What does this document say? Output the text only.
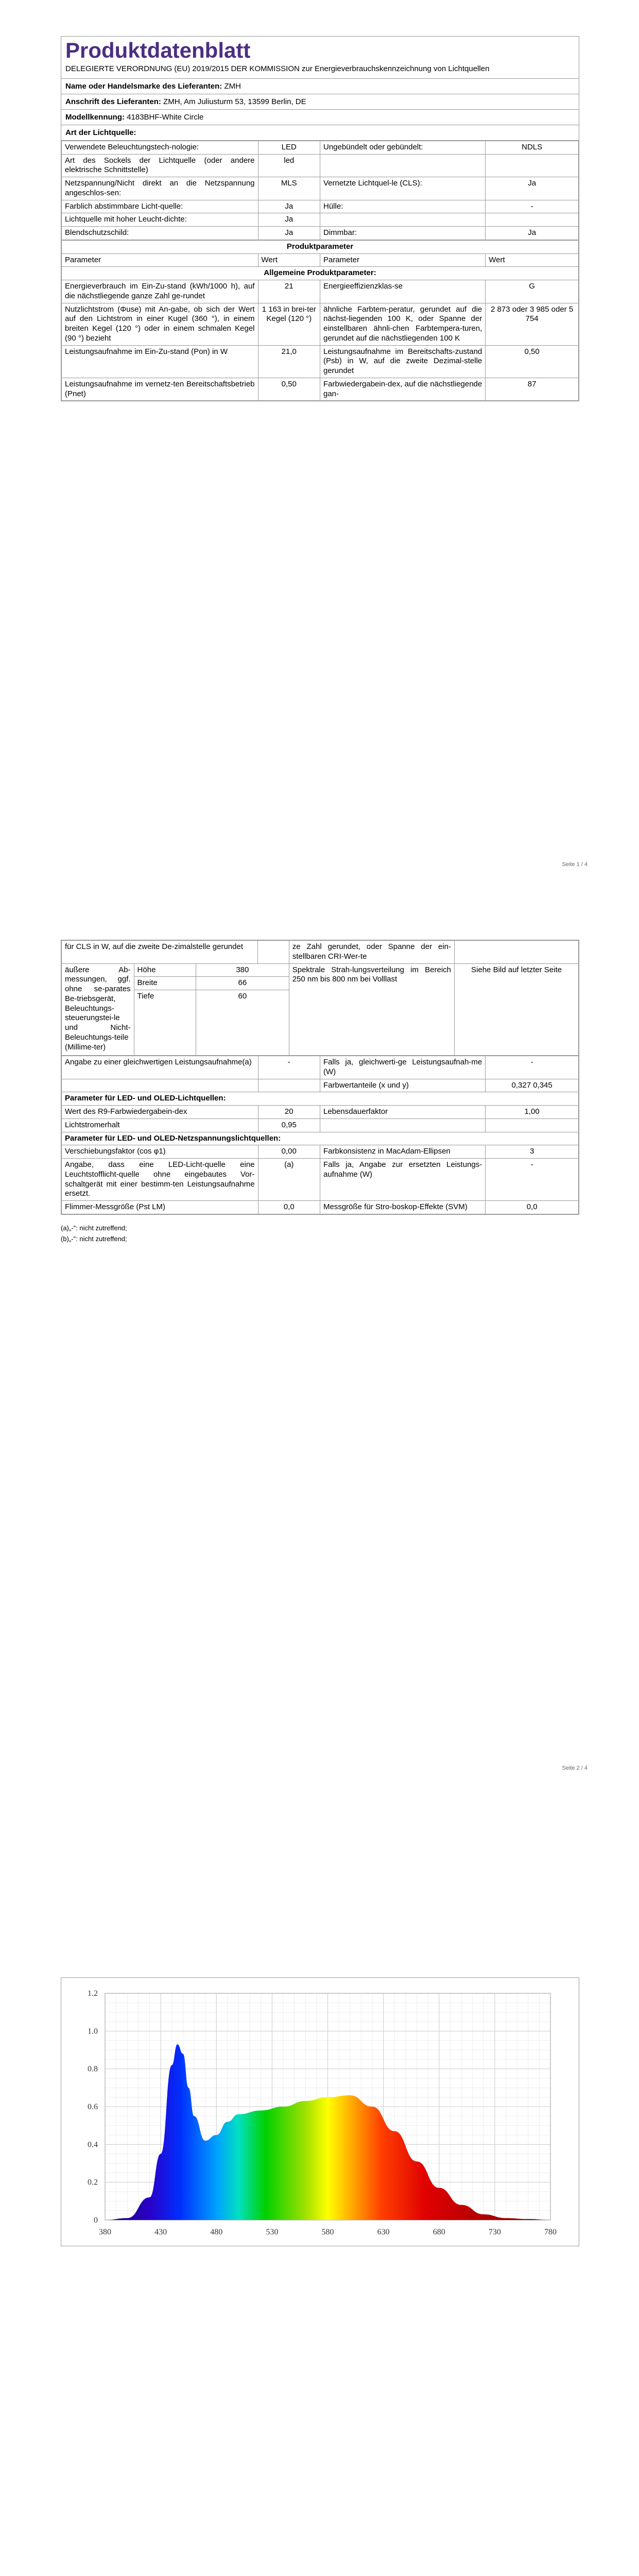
Produktdatenblatt
DELEGIERTE VERORDNUNG (EU) 2019/2015 DER KOMMISSION zur Energieverbrauchskennzeichnung von Lichtquellen
Name oder Handelsmarke des Lieferanten: ZMH
Anschrift des Lieferanten: ZMH, Am Juliusturm 53, 13599 Berlin, DE
Modellkennung: 4183BHF-White Circle
Art der Lichtquelle:
Verwendete Beleuchtungstech-nologie:	LED	Ungebündelt oder gebündelt:	NDLS
Art des Sockels der Lichtquelle (oder andere elektrische Schnittstelle)	led		
Netzspannung/Nicht direkt an die Netzspannung angeschlos-sen:	MLS	Vernetzte Lichtquel-le (CLS):	Ja
Farblich abstimmbare Licht-quelle:	Ja	Hülle:	-
Lichtquelle mit hoher Leucht-dichte:	Ja		
Blendschutzschild:	Ja	Dimmbar:	Ja
Produktparameter			
Parameter	Wert	Parameter	Wert
Allgemeine Produktparameter:			
Energieverbrauch im Ein-Zu-stand (kWh/1000 h), auf die nächstliegende ganze Zahl ge-rundet	21	Energieeffizienzklas-se	G
Nutzlichtstrom (Φuse) mit An-gabe, ob sich der Wert auf den Lichtstrom in einer Kugel (360 °), in einem breiten Kegel (120 °) oder in einem schmalen Kegel (90 °) bezieht	1 163 in brei-ter Kegel (120 °)	ähnliche Farbtem-peratur, gerundet auf die nächst-liegenden 100 K, oder Spanne der einstellbaren ähnli-chen Farbtempera-turen, gerundet auf die nächstliegenden 100 K	2 873 oder 3 985 oder 5 754
Leistungsaufnahme im Ein-Zu-stand (Pon) in W	21,0	Leistungsaufnahme im Bereitschafts-zustand (Psb) in W, auf die zweite Dezimal-stelle gerundet	0,50
Leistungsaufnahme im vernetz-ten Bereitschaftsbetrieb (Pnet)	0,50	Farbwiedergabein-dex, auf die nächstliegende gan-	87
Seite 1 / 4
für CLS in W, auf die zweite De-zimalstelle gerundet				ze Zahl gerundet, oder Spanne der ein-stellbaren CRI-Wer-te	
äußere Ab-messungen, ggf. ohne se-parates Be-triebsgerät, Beleuchtungs-steuerungstei-le und Nicht-Beleuchtungs-teile (Millime-ter)	Höhe	380		Spektrale Strah-lungsverteilung im Bereich 250 nm bis 800 nm bei Volllast	Siehe Bild auf letzter Seite
	Breite	66			
	Tiefe	60			
Angabe zu einer gleichwertigen Leistungsaufnahme(a)	-	Falls ja, gleichwerti-ge Leistungsaufnah-me (W)	-
		Farbwertanteile (x und y)	0,327 0,345
Parameter für LED- und OLED-Lichtquellen:			
Wert des R9-Farbwiedergabein-dex	20	Lebensdauerfaktor	1,00
Lichtstromerhalt	0,95		
Parameter für LED- und OLED-Netzspannungslichtquellen:			
Verschiebungsfaktor (cos φ1)	0,00	Farbkonsistenz in MacAdam-Ellipsen	3
Angabe, dass eine LED-Licht-quelle eine Leuchtstofflicht-quelle ohne eingebautes Vor-schaltgerät mit einer bestimm-ten Leistungsaufnahme ersetzt.	(a)	Falls ja, Angabe zur ersetzten Leistungs-aufnahme (W)	-
Flimmer-Messgröße (Pst LM)	0,0	Messgröße für Stro-boskop-Effekte (SVM)	0,0
(a)„-": nicht zutreffend;
(b)„-": nicht zutreffend;
Seite 2 / 4
380	430	480	530	580	630	680	730	780
0
0.2
0.4
0.6
0.8
1.0
1.2
